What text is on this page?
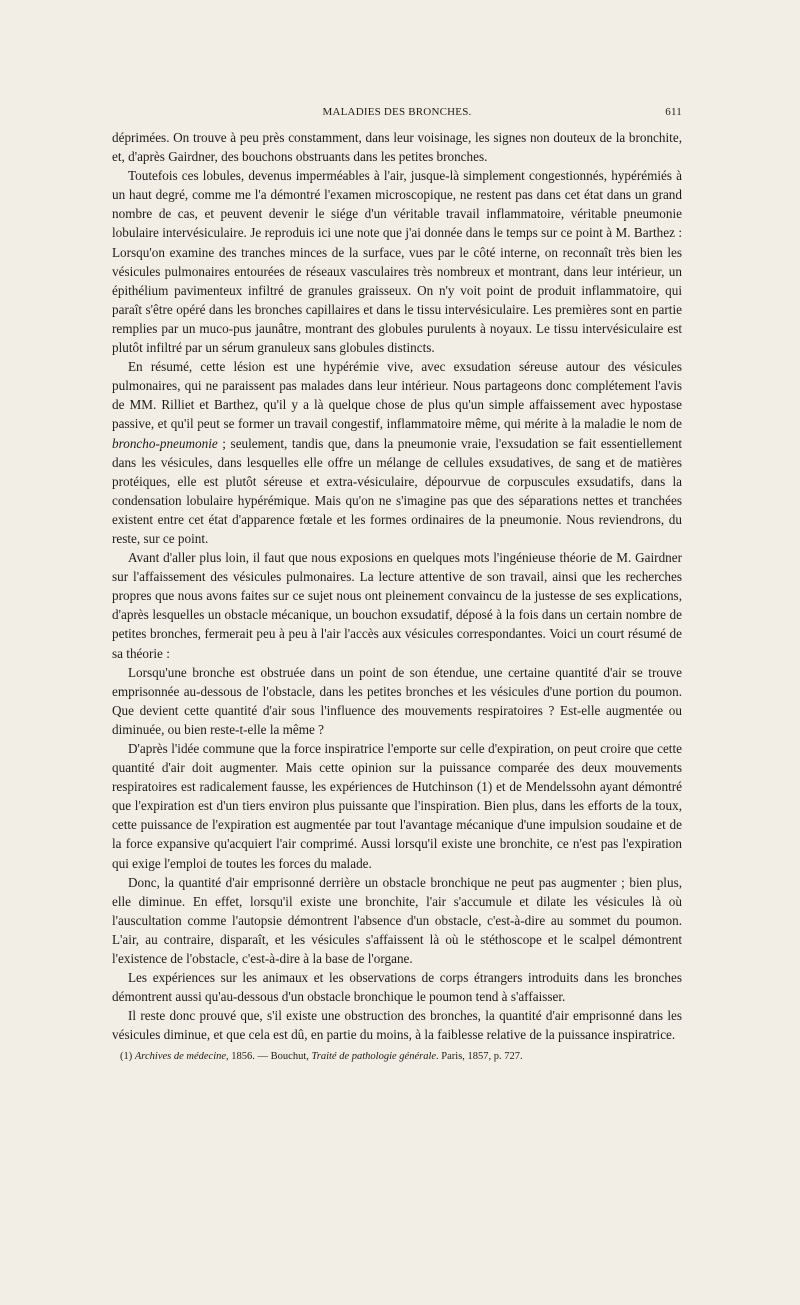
MALADIES DES BRONCHES.	611

déprimées. On trouve à peu près constamment, dans leur voisinage, les signes non douteux de la bronchite, et, d'après Gairdner, des bouchons obstruants dans les petites bronches.

Toutefois ces lobules, devenus imperméables à l'air, jusque-là simplement congestionnés, hypérémiés à un haut degré, comme me l'a démontré l'examen microscopique, ne restent pas dans cet état dans un grand nombre de cas, et peuvent devenir le siége d'un véritable travail inflammatoire, véritable pneumonie lobulaire intervésiculaire. Je reproduis ici une note que j'ai donnée dans le temps sur ce point à M. Barthez : Lorsqu'on examine des tranches minces de la surface, vues par le côté interne, on reconnaît très bien les vésicules pulmonaires entourées de réseaux vasculaires très nombreux et montrant, dans leur intérieur, un épithélium pavimenteux infiltré de granules graisseux. On n'y voit point de produit inflammatoire, qui paraît s'être opéré dans les bronches capillaires et dans le tissu intervésiculaire. Les premières sont en partie remplies par un muco-pus jaunâtre, montrant des globules purulents à noyaux. Le tissu intervésiculaire est plutôt infiltré par un sérum granuleux sans globules distincts.

En résumé, cette lésion est une hypérémie vive, avec exsudation séreuse autour des vésicules pulmonaires, qui ne paraissent pas malades dans leur intérieur. Nous partageons donc complétement l'avis de MM. Rilliet et Barthez, qu'il y a là quelque chose de plus qu'un simple affaissement avec hypostase passive, et qu'il peut se former un travail congestif, inflammatoire même, qui mérite à la maladie le nom de broncho-pneumonie ; seulement, tandis que, dans la pneumonie vraie, l'exsudation se fait essentiellement dans les vésicules, dans lesquelles elle offre un mélange de cellules exsudatives, de sang et de matières protéiques, elle est plutôt séreuse et extra-vésiculaire, dépourvue de corpuscules exsudatifs, dans la condensation lobulaire hypérémique. Mais qu'on ne s'imagine pas que des séparations nettes et tranchées existent entre cet état d'apparence fœtale et les formes ordinaires de la pneumonie. Nous reviendrons, du reste, sur ce point.

Avant d'aller plus loin, il faut que nous exposions en quelques mots l'ingénieuse théorie de M. Gairdner sur l'affaissement des vésicules pulmonaires. La lecture attentive de son travail, ainsi que les recherches propres que nous avons faites sur ce sujet nous ont pleinement convaincu de la justesse de ses explications, d'après lesquelles un obstacle mécanique, un bouchon exsudatif, déposé à la fois dans un certain nombre de petites bronches, fermerait peu à peu à l'air l'accès aux vésicules correspondantes. Voici un court résumé de sa théorie :

Lorsqu'une bronche est obstruée dans un point de son étendue, une certaine quantité d'air se trouve emprisonnée au-dessous de l'obstacle, dans les petites bronches et les vésicules d'une portion du poumon. Que devient cette quantité d'air sous l'influence des mouvements respiratoires ? Est-elle augmentée ou diminuée, ou bien reste-t-elle la même ?

D'après l'idée commune que la force inspiratrice l'emporte sur celle d'expiration, on peut croire que cette quantité d'air doit augmenter. Mais cette opinion sur la puissance comparée des deux mouvements respiratoires est radicalement fausse, les expériences de Hutchinson (1) et de Mendelssohn ayant démontré que l'expiration est d'un tiers environ plus puissante que l'inspiration. Bien plus, dans les efforts de la toux, cette puissance de l'expiration est augmentée par tout l'avantage mécanique d'une impulsion soudaine et de la force expansive qu'acquiert l'air comprimé. Aussi lorsqu'il existe une bronchite, ce n'est pas l'expiration qui exige l'emploi de toutes les forces du malade.

Donc, la quantité d'air emprisonné derrière un obstacle bronchique ne peut pas augmenter ; bien plus, elle diminue. En effet, lorsqu'il existe une bronchite, l'air s'accumule et dilate les vésicules là où l'auscultation comme l'autopsie démontrent l'absence d'un obstacle, c'est-à-dire au sommet du poumon. L'air, au contraire, disparaît, et les vésicules s'affaissent là où le stéthoscope et le scalpel démontrent l'existence de l'obstacle, c'est-à-dire à la base de l'organe.

Les expériences sur les animaux et les observations de corps étrangers introduits dans les bronches démontrent aussi qu'au-dessous d'un obstacle bronchique le poumon tend à s'affaisser.

Il reste donc prouvé que, s'il existe une obstruction des bronches, la quantité d'air emprisonné dans les vésicules diminue, et que cela est dû, en partie du moins, à la faiblesse relative de la puissance inspiratrice.

(1) Archives de médecine, 1856. — Bouchut, Traité de pathologie générale. Paris, 1857, p. 727.
